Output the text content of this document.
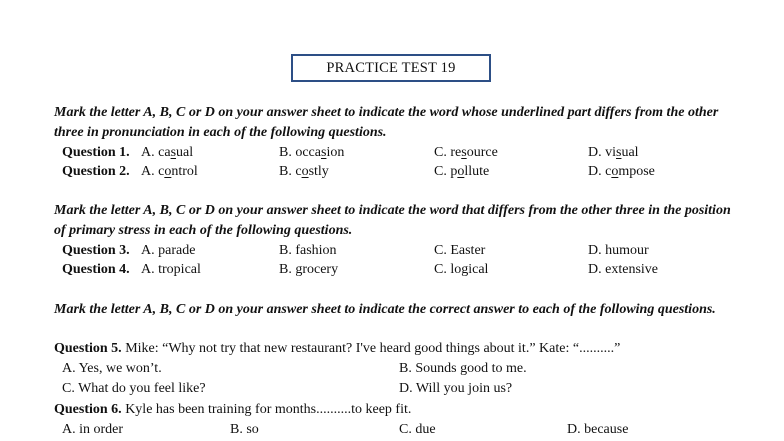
PRACTICE TEST 19
Mark the letter A, B, C or D on your answer sheet to indicate the word whose underlined part differs from the other three in pronunciation in each of the following questions.
Question 1. A. casual	B. occasion	C. resource	D. visual
Question 2. A. control	B. costly	C. pollute	D. compose
Mark the letter A, B, C or D on your answer sheet to indicate the word that differs from the other three in the position of primary stress in each of the following questions.
Question 3. A. parade	B. fashion	C. Easter	D. humour
Question 4. A. tropical	B. grocery	C. logical	D. extensive
Mark the letter A, B, C or D on your answer sheet to indicate the correct answer to each of the following questions.
Question 5. Mike: “Why not try that new restaurant? I've heard good things about it.” Kate: “..........”
A. Yes, we won’t.	B. Sounds good to me.
C. What do you feel like?	D. Will you join us?
Question 6. Kyle has been training for months..........to keep fit.
A. in order	B. so	C. due	D. because
